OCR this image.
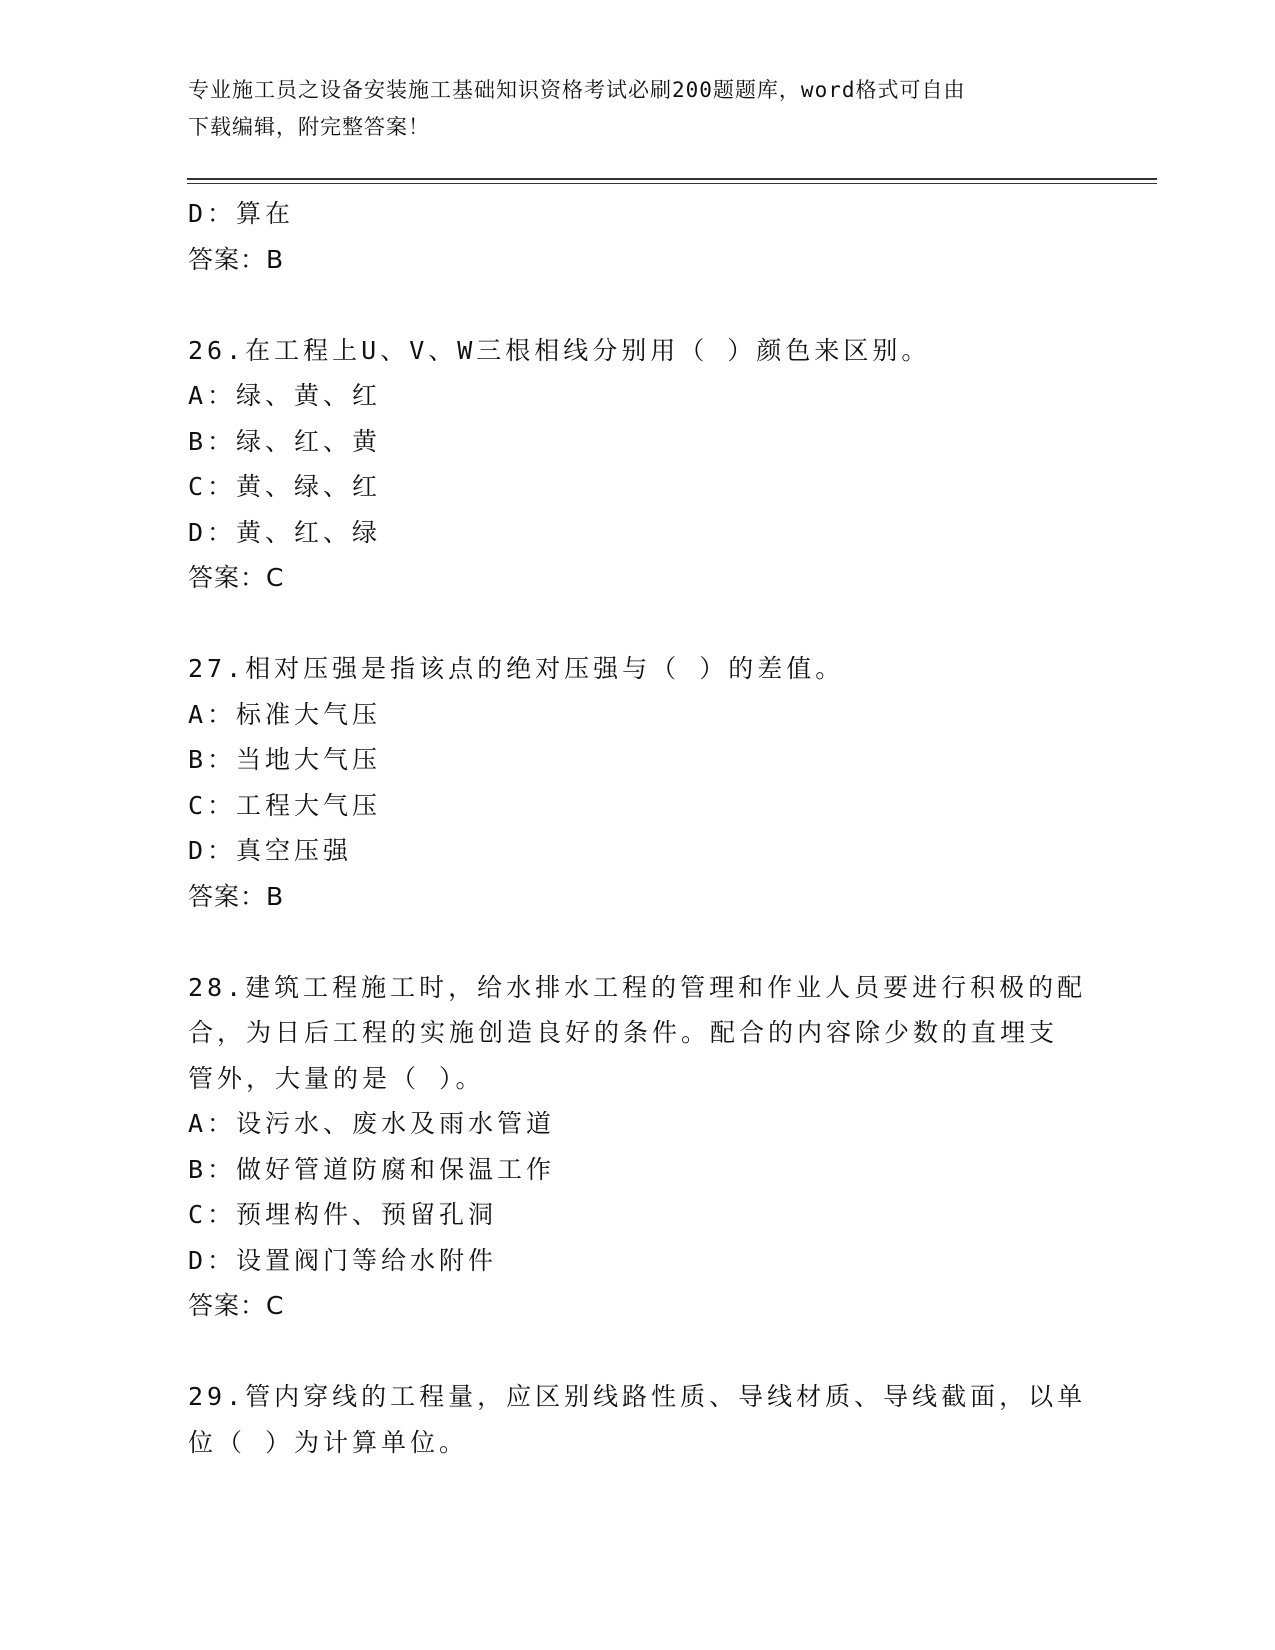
专业施工员之设备安装施工基础知识资格考试必刷200题题库，word格式可自由
下载编辑，附完整答案！
D：算在
答案：B
26.在工程上U、V、W三根相线分别用（ ）颜色来区别。
A：绿、黄、红
B：绿、红、黄
C：黄、绿、红
D：黄、红、绿
答案：C
27.相对压强是指该点的绝对压强与（ ）的差值。
A：标准大气压
B：当地大气压
C：工程大气压
D：真空压强
答案：B
28.建筑工程施工时，给水排水工程的管理和作业人员要进行积极的配
合，为日后工程的实施创造良好的条件。配合的内容除少数的直埋支
管外，大量的是（ ）。
A：设污水、废水及雨水管道
B：做好管道防腐和保温工作
C：预埋构件、预留孔洞
D：设置阀门等给水附件
答案：C
29.管内穿线的工程量，应区别线路性质、导线材质、导线截面，以单
位（ ）为计算单位。
